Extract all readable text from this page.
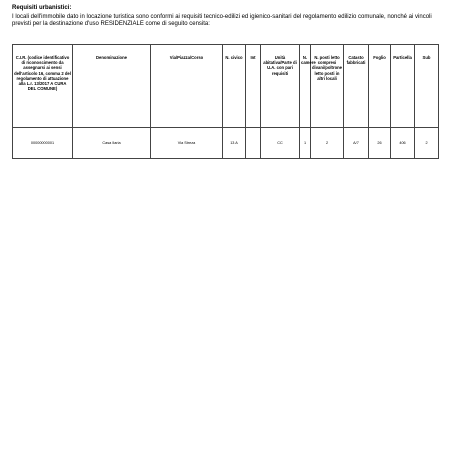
Requisiti urbanistici:

I locali dell'immobile dato in locazione turistica sono conformi ai requisiti tecnico-edilizi ed igienico-sanitari del regolamento edilizio comunale, nonché ai vincoli previsti per la destinazione d'uso RESIDENZIALE come di seguito censita:

C.I.R. (codice identificativo di riconoscimento da assegnarsi ai sensi dell'articolo 16, comma 2 del regolamento di attuazione alla L.r. 13/2017 A CURA DEL COMUNE)	Denominazione	Via/Piazza/Corso	N. civico	Int	Unità abitativa/Parte di U.A. con pari requisiti	N. camere	N. posti letto compresi divani/poltrone letto posti in altri locali	Catasto fabbricati	Foglio	Particella	Sub
00000000001	Casa Ilaria	Via Streza	13 A		CC	1	2	A/7	26	406	2
